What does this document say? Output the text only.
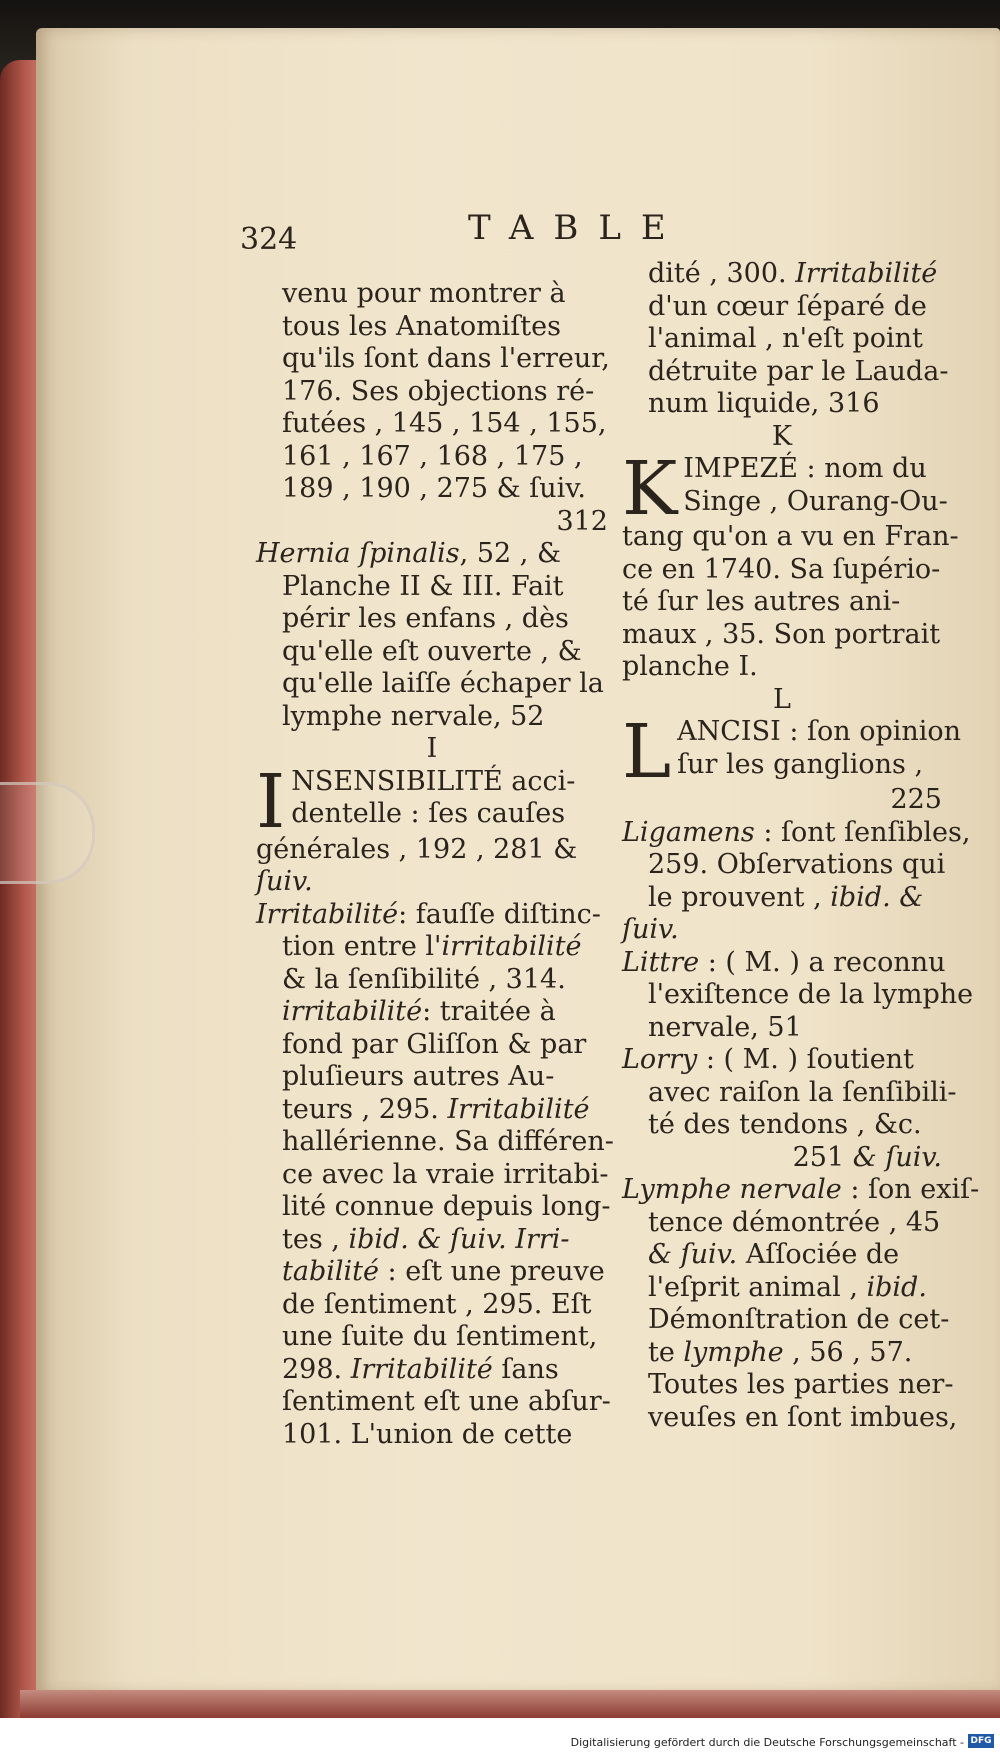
324	TABLE
venu pour montrer à
tous les Anatomiſtes
qu'ils ſont dans l'erreur,
176. Ses objections ré-
futées , 145 , 154 , 155,
161 , 167 , 168 , 175 ,
189 , 190 , 275 & ſuiv.
312
Hernia ſpinalis, 52 , &
Planche II & III. Fait
périr les enfans , dès
qu'elle eſt ouverte , &
qu'elle laiſſe échaper la
lymphe nervale, 52
I
I NSENSIBILITÉ acci-
dentelle : ſes cauſes
générales , 192 , 281 &
ſuiv.
Irritabilité: fauſſe diſtinc-
tion entre l'irritabilité
& la ſenſibilité , 314.
irritabilité: traitée à
fond par Gliſſon & par
pluſieurs autres Au-
teurs , 295. Irritabilité
hallérienne. Sa différen-
ce avec la vraie irritabi-
lité connue depuis long-
tes , ibid. & ſuiv. Irri-
tabilité : eſt une preuve
de ſentiment , 295. Eſt
une ſuite du ſentiment,
298. Irritabilité ſans
ſentiment eſt une abſur-
101. L'union de cette
dité , 300. Irritabilité
d'un cœur ſéparé de
l'animal , n'eſt point
détruite par le Lauda-
num liquide, 316
K
K IMPEZÉ : nom du
Singe , Ourang-Ou-
tang qu'on a vu en Fran-
ce en 1740. Sa ſupério-
té ſur les autres ani-
maux , 35. Son portrait
planche I.
L
L ANCISI : ſon opinion
ſur les ganglions ,
225
Ligamens : ſont ſenſibles,
259. Obſervations qui
le prouvent , ibid. &
ſuiv.
Littre : ( M. ) a reconnu
l'exiſtence de la lymphe
nervale, 51
Lorry : ( M. ) ſoutient
avec raiſon la ſenſibili-
té des tendons , &c.
251 & ſuiv.
Lymphe nervale : ſon exiſ-
tence démontrée , 45
& ſuiv. Aſſociée de
l'eſprit animal , ibid.
Démonſtration de cet-
te lymphe , 56 , 57.
Toutes les parties ner-
veuſes en ſont imbues,
Digitalisierung gefördert durch die Deutsche Forschungsgemeinschaft - DFG
